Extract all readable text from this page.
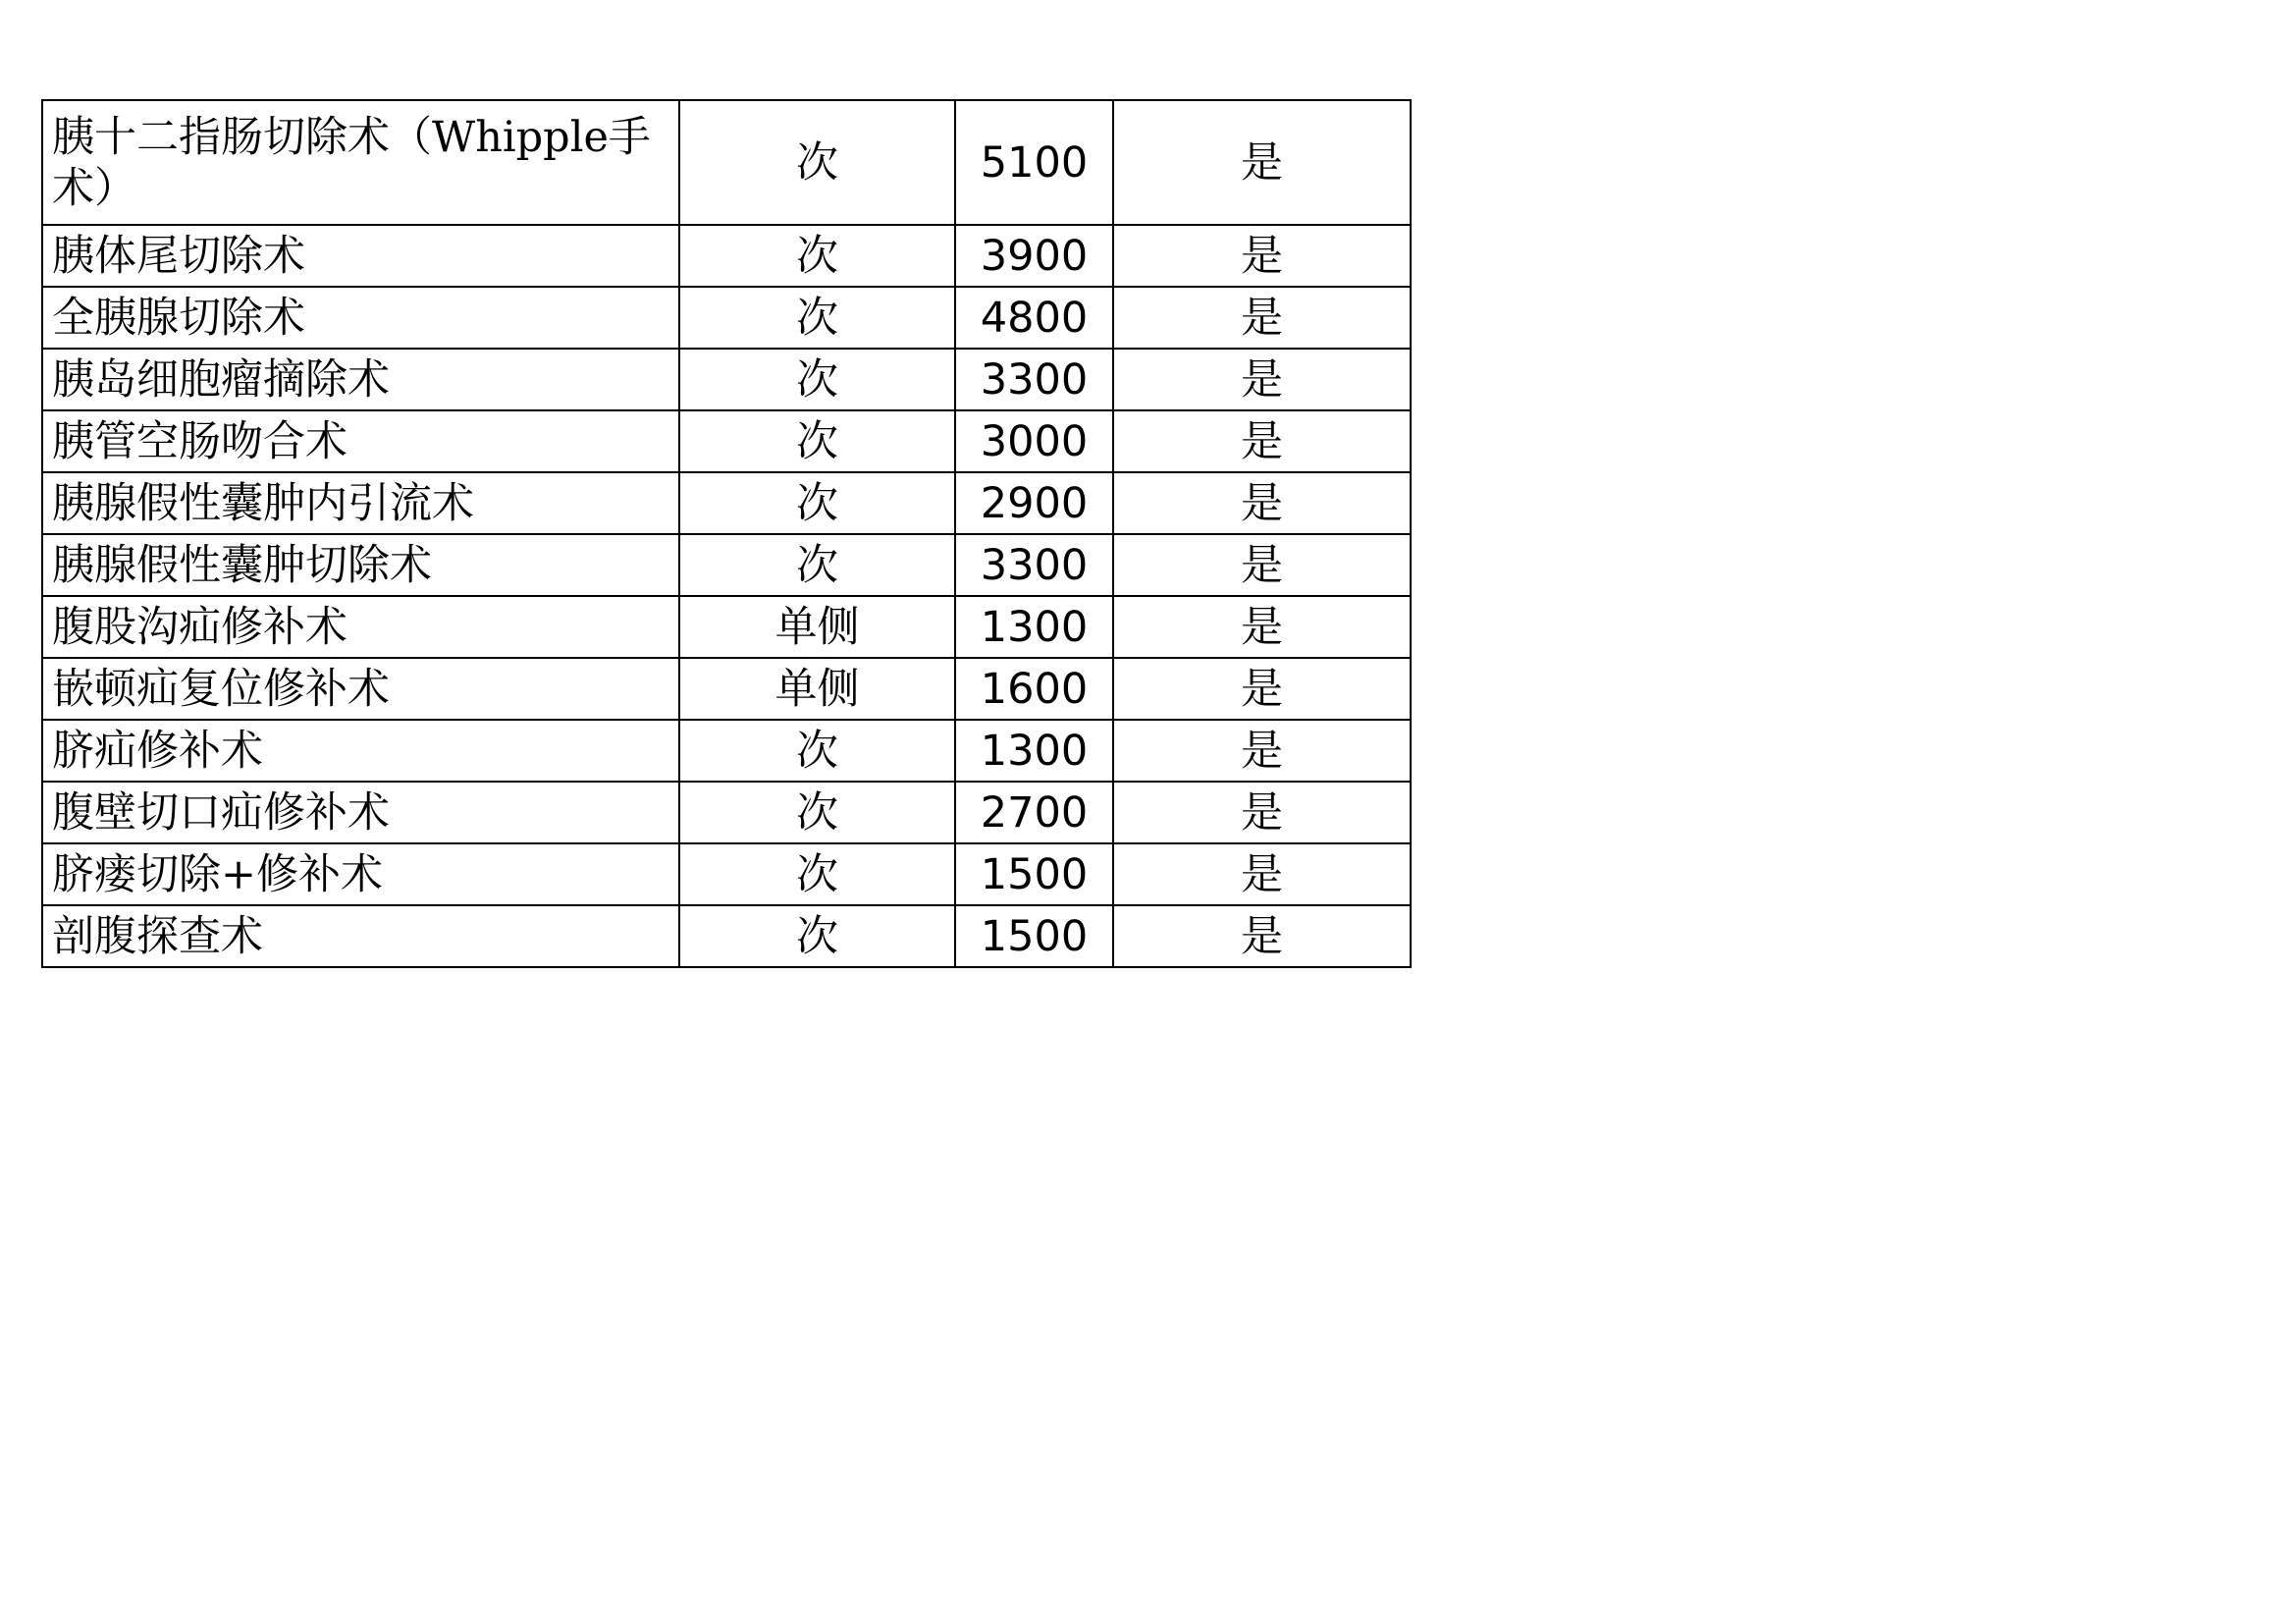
胰十二指肠切除术（Whipple手术）	次	5100	是
胰体尾切除术	次	3900	是
全胰腺切除术	次	4800	是
胰岛细胞瘤摘除术	次	3300	是
胰管空肠吻合术	次	3000	是
胰腺假性囊肿内引流术	次	2900	是
胰腺假性囊肿切除术	次	3300	是
腹股沟疝修补术	单侧	1300	是
嵌顿疝复位修补术	单侧	1600	是
脐疝修补术	次	1300	是
腹壁切口疝修补术	次	2700	是
脐瘘切除+修补术	次	1500	是
剖腹探查术	次	1500	是
